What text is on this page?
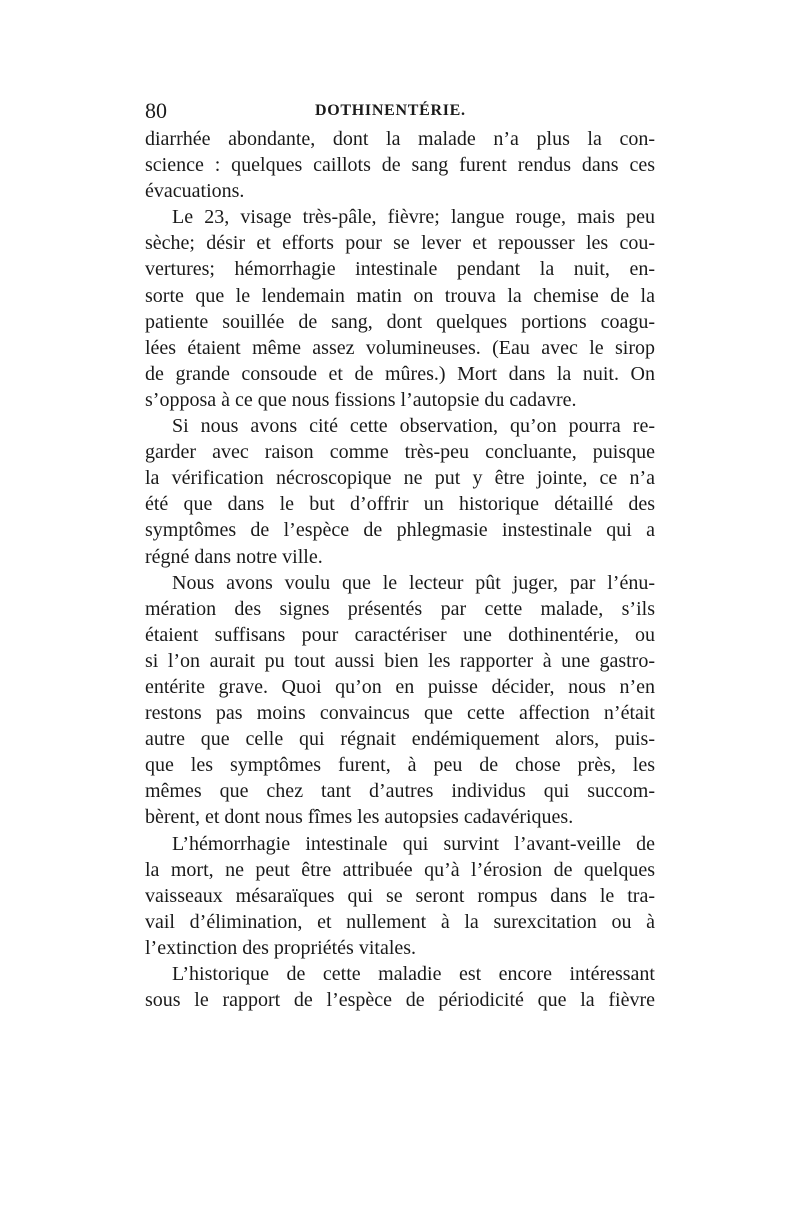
80	DOTHINENTÉRIE.
diarrhée abondante, dont la malade n’a plus la con-
science : quelques caillots de sang furent rendus dans ces
évacuations.
Le 23, visage très-pâle, fièvre; langue rouge, mais peu
sèche; désir et efforts pour se lever et repousser les cou-
vertures; hémorrhagie intestinale pendant la nuit, en-
sorte que le lendemain matin on trouva la chemise de la
patiente souillée de sang, dont quelques portions coagu-
lées étaient même assez volumineuses. (Eau avec le sirop
de grande consoude et de mûres.) Mort dans la nuit. On
s’opposa à ce que nous fissions l’autopsie du cadavre.
Si nous avons cité cette observation, qu’on pourra re-
garder avec raison comme très-peu concluante, puisque
la vérification nécroscopique ne put y être jointe, ce n’a
été que dans le but d’offrir un historique détaillé des
symptômes de l’espèce de phlegmasie instestinale qui a
régné dans notre ville.
Nous avons voulu que le lecteur pût juger, par l’énu-
mération des signes présentés par cette malade, s’ils
étaient suffisans pour caractériser une dothinentérie, ou
si l’on aurait pu tout aussi bien les rapporter à une gastro-
entérite grave. Quoi qu’on en puisse décider, nous n’en
restons pas moins convaincus que cette affection n’était
autre que celle qui régnait endémiquement alors, puis-
que les symptômes furent, à peu de chose près, les
mêmes que chez tant d’autres individus qui succom-
bèrent, et dont nous fîmes les autopsies cadavériques.
L’hémorrhagie intestinale qui survint l’avant-veille de
la mort, ne peut être attribuée qu’à l’érosion de quelques
vaisseaux mésaraïques qui se seront rompus dans le tra-
vail d’élimination, et nullement à la surexcitation ou à
l’extinction des propriétés vitales.
L’historique de cette maladie est encore intéressant
sous le rapport de l’espèce de périodicité que la fièvre
